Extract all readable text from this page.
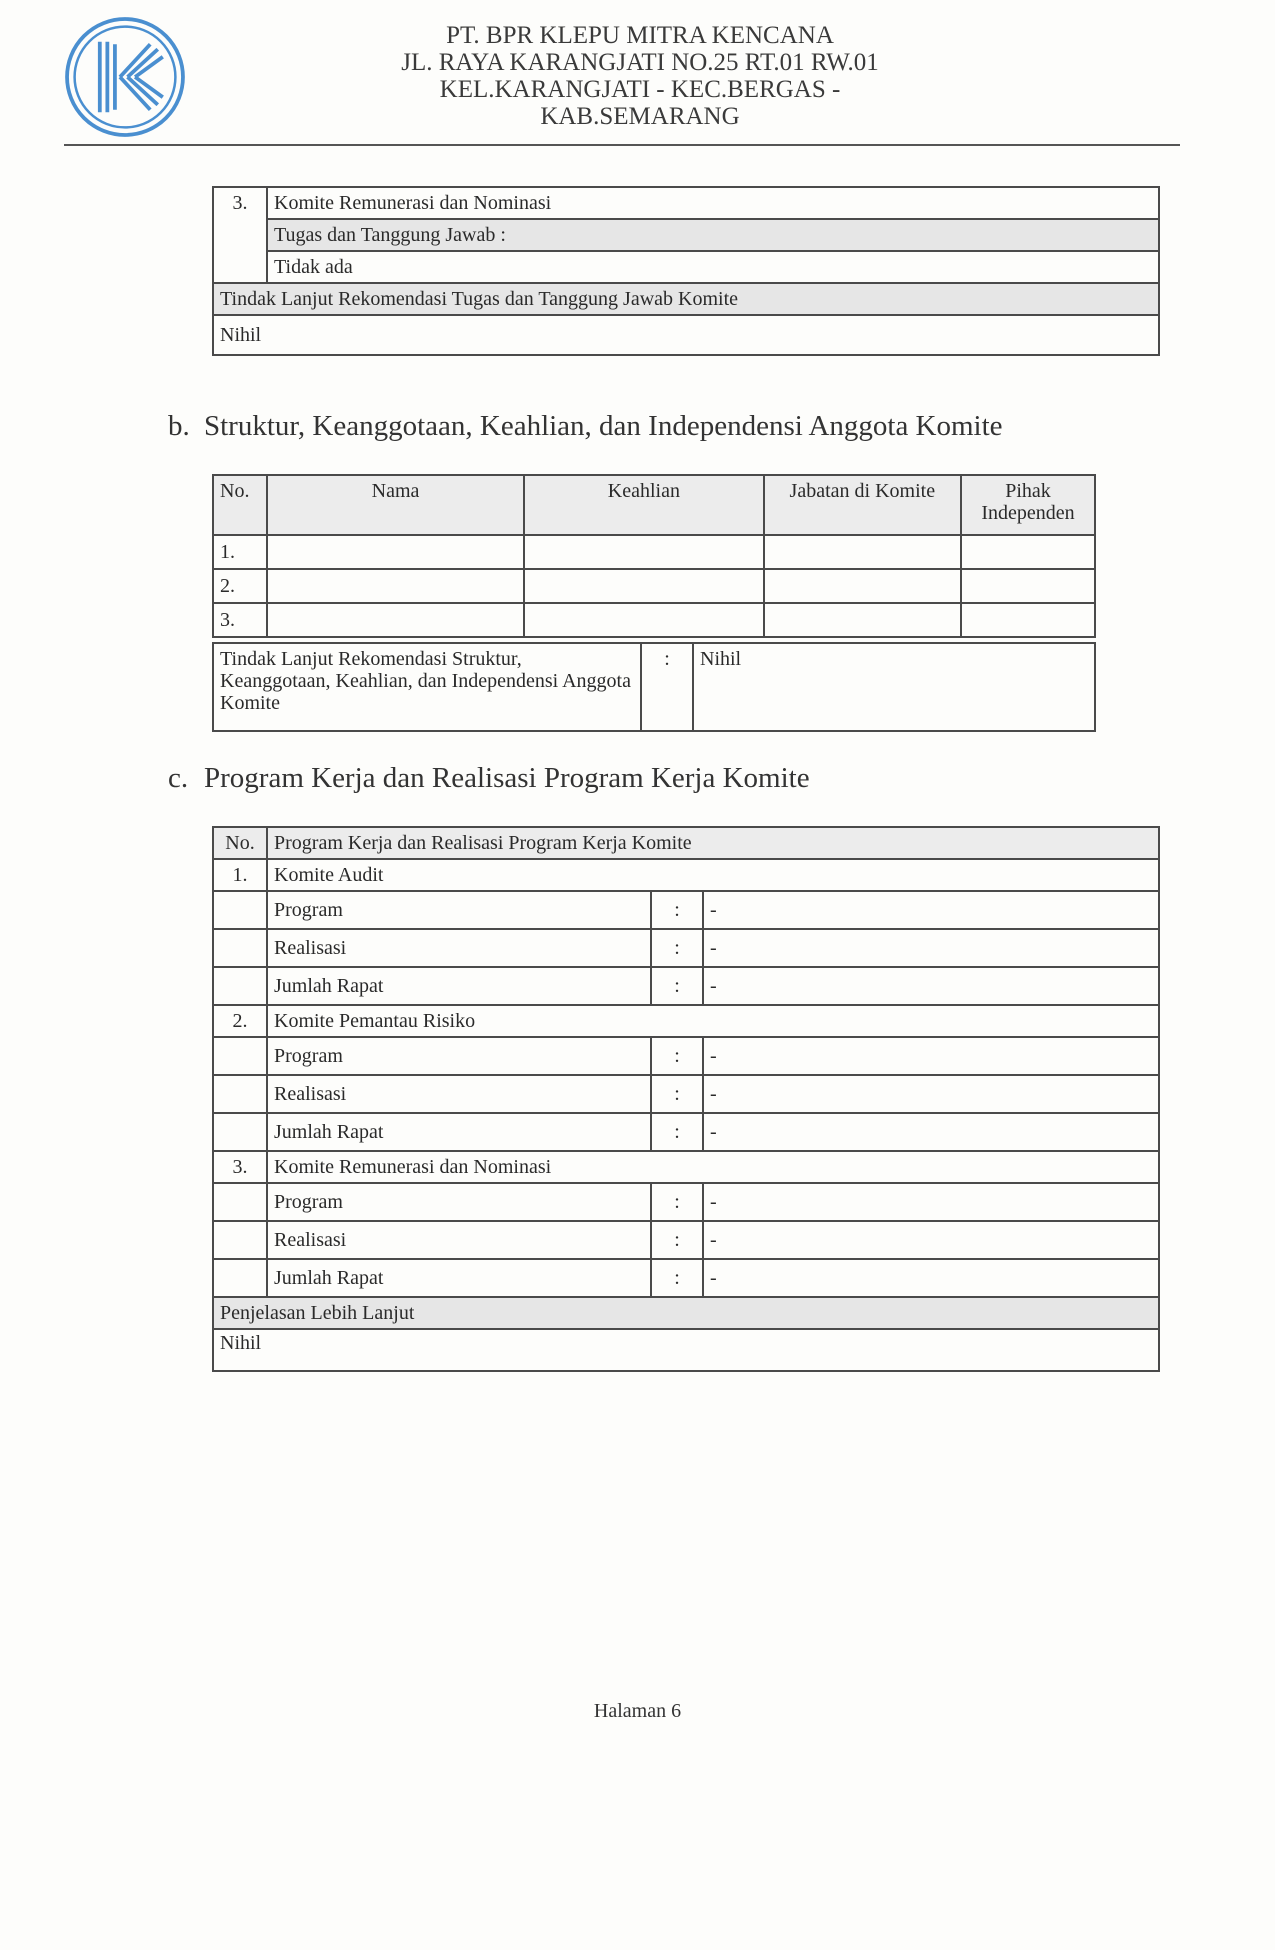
PT. BPR KLEPU MITRA KENCANA
JL. RAYA KARANGJATI NO.25 RT.01 RW.01
KEL.KARANGJATI - KEC.BERGAS -
KAB.SEMARANG
3.	Komite Remunerasi dan Nominasi
Tugas dan Tanggung Jawab :
Tidak ada
Tindak Lanjut Rekomendasi Tugas dan Tanggung Jawab Komite
Nihil
b. Struktur, Keanggotaan, Keahlian, dan Independensi Anggota Komite
No.	Nama	Keahlian	Jabatan di Komite	Pihak Independen
1.				
2.				
3.				
Tindak Lanjut Rekomendasi Struktur, Keanggotaan, Keahlian, dan Independensi Anggota Komite	:	Nihil
c. Program Kerja dan Realisasi Program Kerja Komite
No.	Program Kerja dan Realisasi Program Kerja Komite		
1.	Komite Audit		
	Program	:	-
	Realisasi	:	-
	Jumlah Rapat	:	-
2.	Komite Pemantau Risiko		
	Program	:	-
	Realisasi	:	-
	Jumlah Rapat	:	-
3.	Komite Remunerasi dan Nominasi		
	Program	:	-
	Realisasi	:	-
	Jumlah Rapat	:	-
Penjelasan Lebih Lanjut			
Nihil			
Halaman 6
